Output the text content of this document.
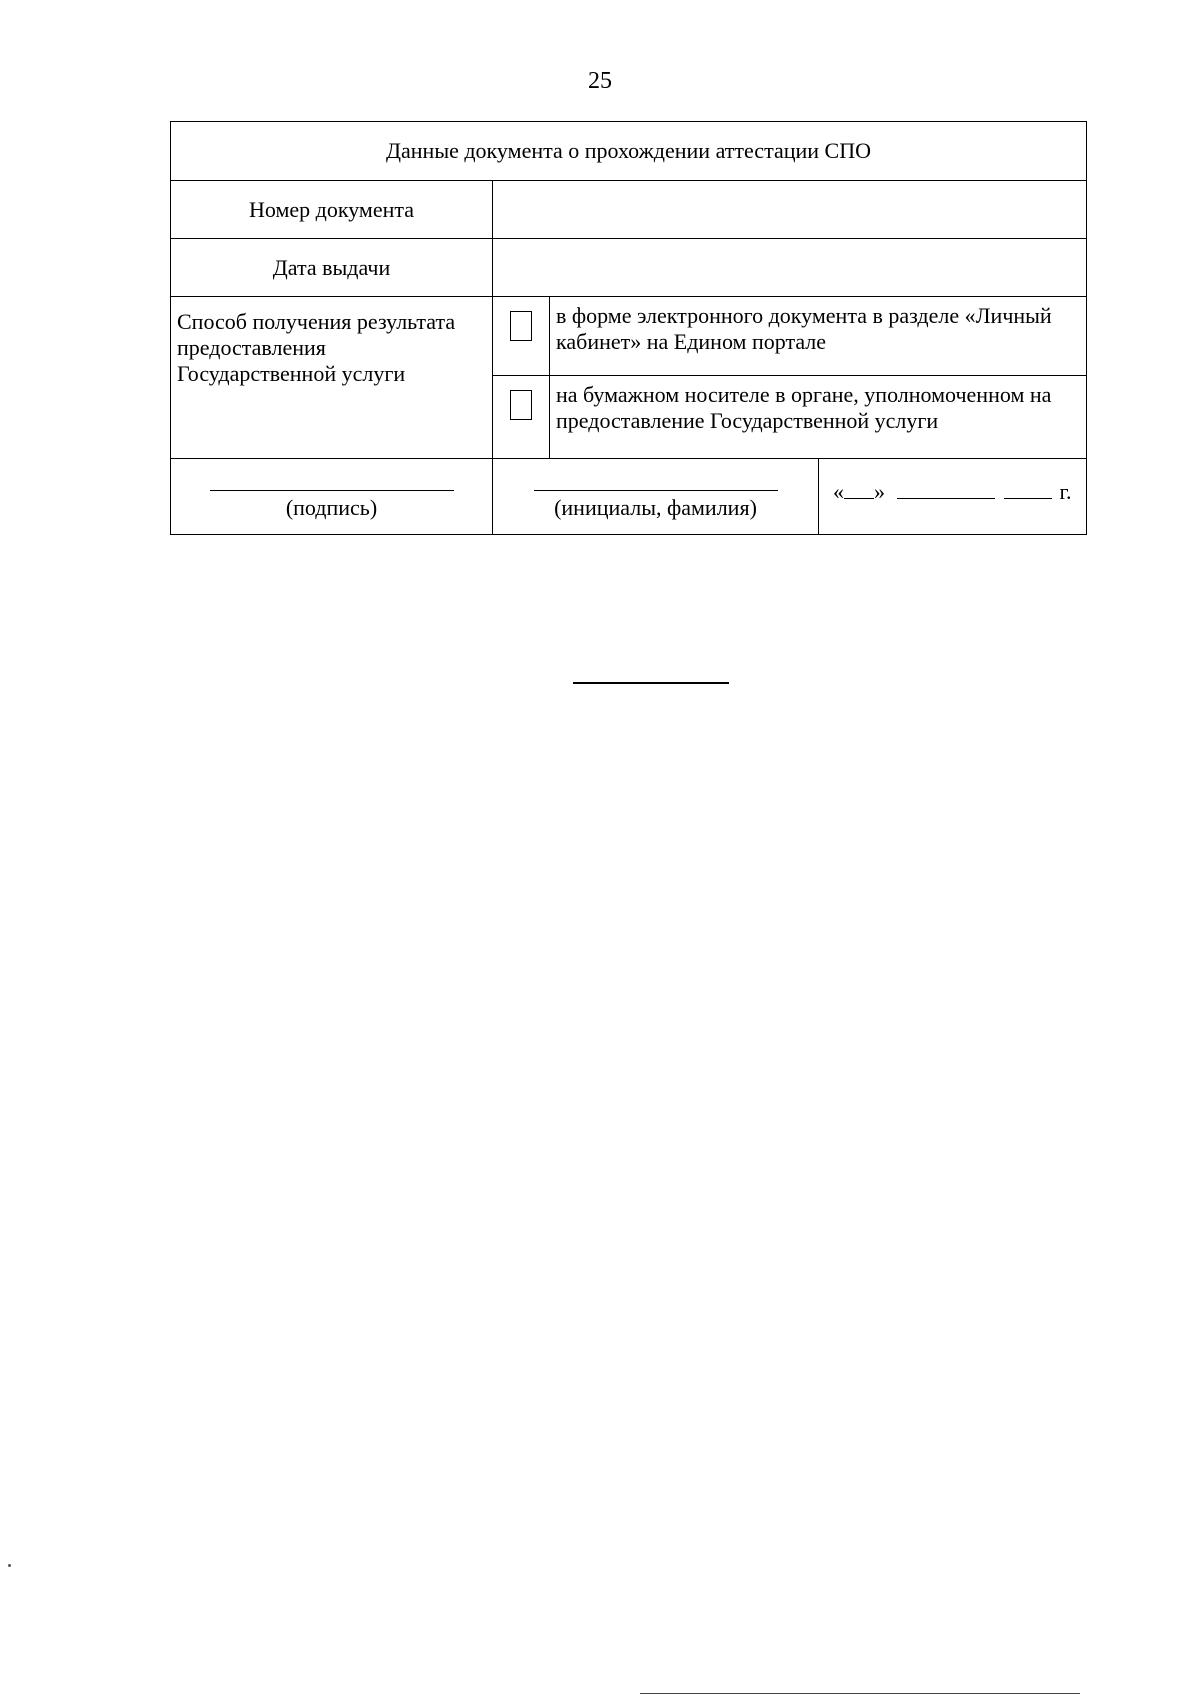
25
Данные документа о прохождении аттестации СПО			
Номер документа			
Дата выдачи			
Способ получения результата предоставления Государственной услуги		в форме электронного документа в разделе «Личный кабинет» на Едином портале	
		на бумажном носителе в органе, уполномоченном на предоставление Государственной услуги	

(подпись)	(инициалы, фамилия)		« » г.
